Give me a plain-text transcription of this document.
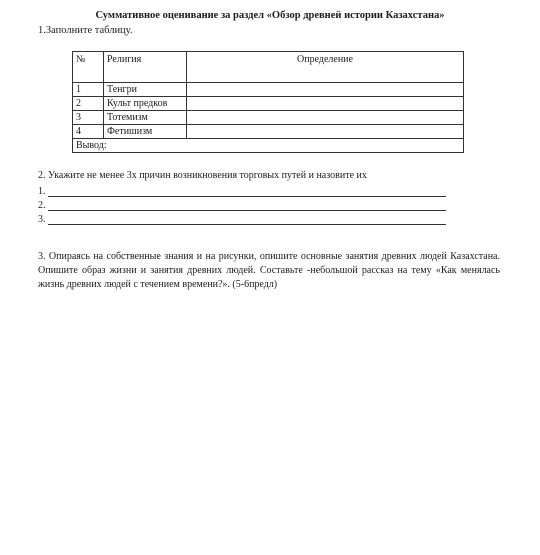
Суммативное оценивание за раздел «Обзор древней истории Казахстана»
1.Заполните таблицу.
№	Религия	Определение
1	Тенгри	
2	Культ предков	
3	Тотемизм	
4	Фетишизм	
Вывод:		
2. Укажите не менее 3х причин возникновения торговых путей и назовите их
1.
2.
3.
3. Опираясь на собственные знания и на рисунки, опишите основные занятия древних людей Казахстана. Опишите образ жизни и занятия древних людей. Составьте -небольшой рассказ на тему «Как менялась жизнь древних людей с течением времени?». (5-6предл)
